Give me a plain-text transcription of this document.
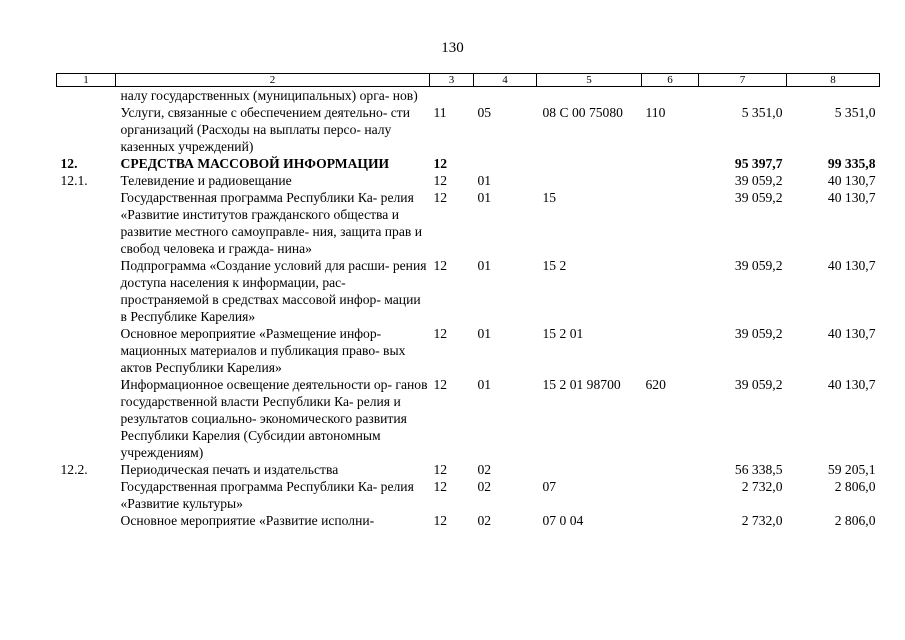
130
1	2	3	4	5	6	7	8
	налу государственных (муниципальных) орга- нов)						
	Услуги, связанные с обеспечением деятельно- сти организаций (Расходы на выплаты персо- налу казенных учреждений)	11	05	08 С 00 75080	110	5 351,0	5 351,0
12.	СРЕДСТВА МАССОВОЙ ИНФОРМАЦИИ	12				95 397,7	99 335,8
12.1.	Телевидение и радиовещание	12	01			39 059,2	40 130,7
	Государственная программа Республики Ка- релия «Развитие институтов гражданского общества и развитие местного самоуправле- ния, защита прав и свобод человека и гражда- нина»	12	01	15		39 059,2	40 130,7
	Подпрограмма «Создание условий для расши- рения доступа населения к информации, рас- пространяемой в средствах массовой инфор- мации в Республике Карелия»	12	01	15 2		39 059,2	40 130,7
	Основное мероприятие «Размещение инфор- мационных материалов и публикация право- вых актов Республики Карелия»	12	01	15 2 01		39 059,2	40 130,7
	Информационное освещение деятельности ор- ганов государственной власти Республики Ка- релия и результатов социально- экономического развития Республики Карелия (Субсидии автономным учреждениям)	12	01	15 2 01 98700	620	39 059,2	40 130,7
12.2.	Периодическая печать и издательства	12	02			56 338,5	59 205,1
	Государственная программа Республики Ка- релия «Развитие культуры»	12	02	07		2 732,0	2 806,0
	Основное мероприятие «Развитие исполни-	12	02	07 0 04		2 732,0	2 806,0
